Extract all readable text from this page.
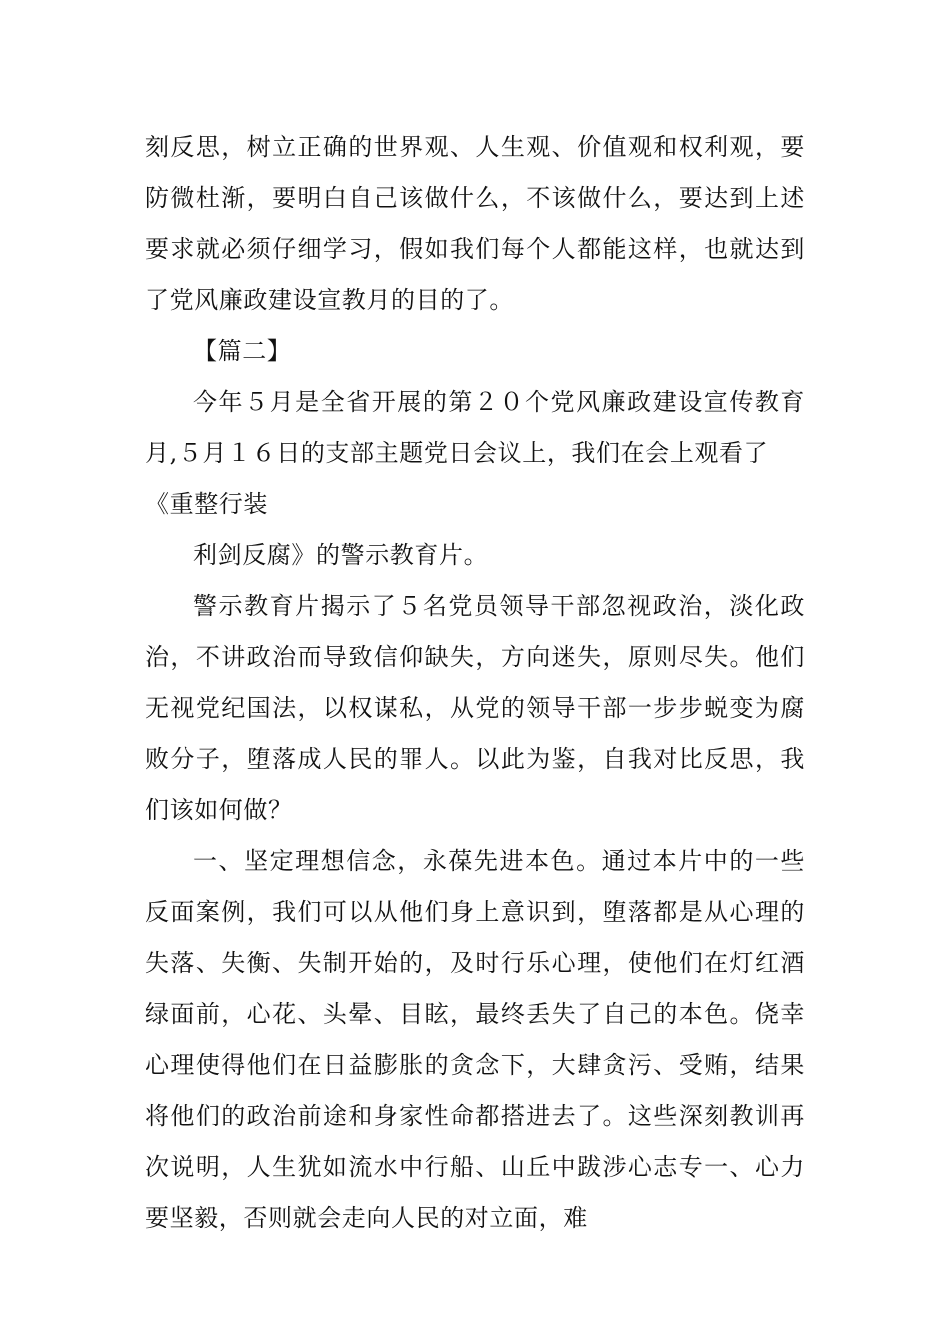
刻反思，树立正确的世界观、人生观、价值观和权利观，要防微杜渐，要明白自己该做什么，不该做什么，要达到上述要求就必须仔细学习，假如我们每个人都能这样，也就达到了党风廉政建设宣教月的目的了。

【篇二】

今年５月是全省开展的第２０个党风廉政建设宣传教育月,５月１６日的支部主题党日会议上，我们在会上观看了

《重整行装

利剑反腐》的警示教育片。

警示教育片揭示了５名党员领导干部忽视政治，淡化政治，不讲政治而导致信仰缺失，方向迷失，原则尽失。他们无视党纪国法，以权谋私，从党的领导干部一步步蜕变为腐败分子，堕落成人民的罪人。以此为鉴，自我对比反思，我们该如何做？

一、坚定理想信念，永葆先进本色。通过本片中的一些反面案例，我们可以从他们身上意识到，堕落都是从心理的失落、失衡、失制开始的，及时行乐心理，使他们在灯红酒绿面前，心花、头晕、目眩，最终丢失了自己的本色。侥幸心理使得他们在日益膨胀的贪念下，大肆贪污、受贿，结果将他们的政治前途和身家性命都搭进去了。这些深刻教训再次说明，人生犹如流水中行船、山丘中跋涉心志专一、心力要坚毅，否则就会走向人民的对立面，难
